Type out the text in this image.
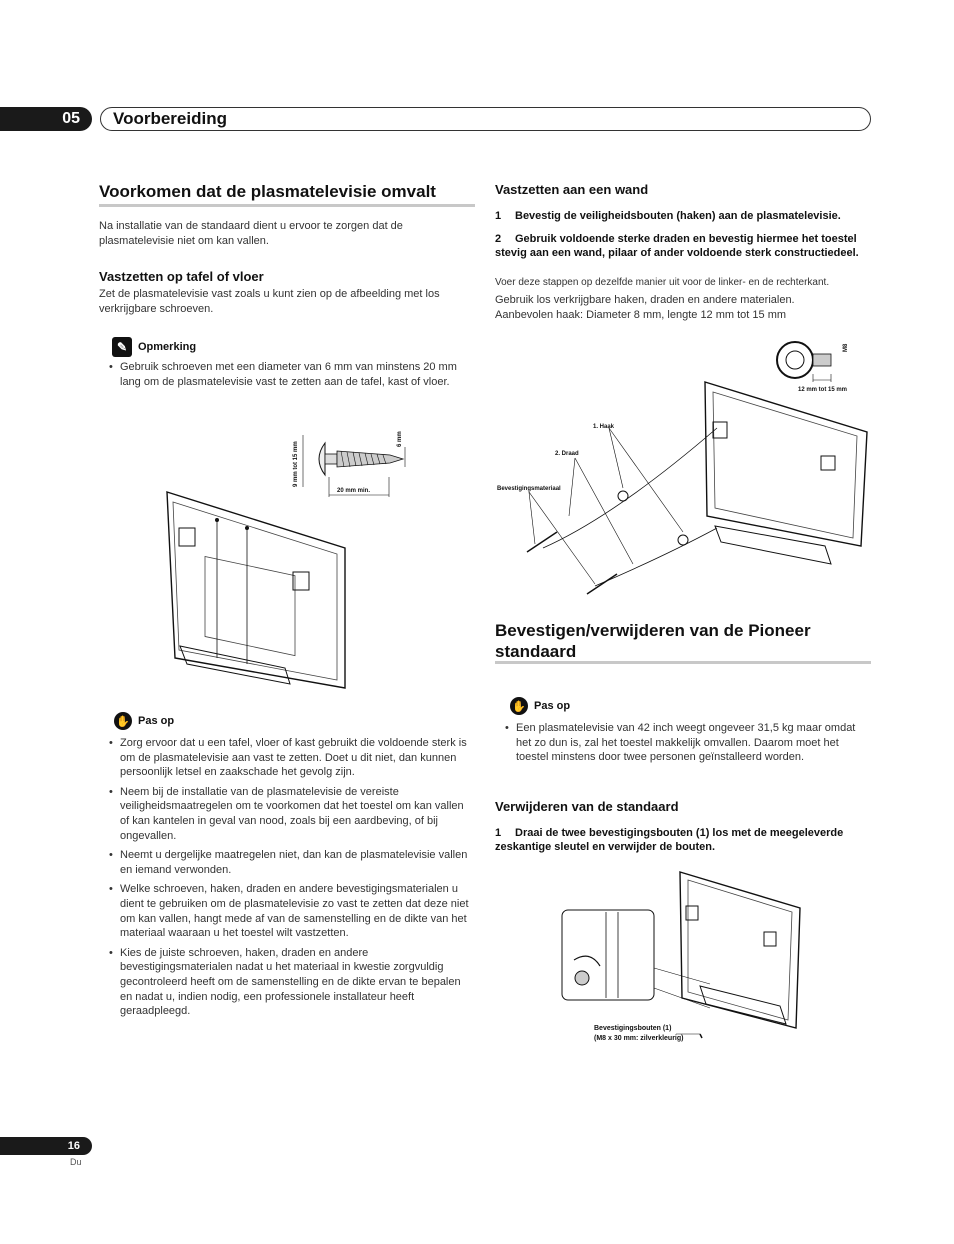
05	Voorbereiding
Voorkomen dat de plasmatelevisie omvalt

Na installatie van de standaard dient u ervoor te zorgen dat de plasmatelevisie niet om kan vallen.

Vastzetten op tafel of vloer

Zet de plasmatelevisie vast zoals u kunt zien op de afbeelding met los verkrijgbare schroeven.

✎ Opmerking
• Gebruik schroeven met een diameter van 6 mm van minstens 20 mm lang om de plasmatelevisie vast te zetten aan de tafel, kast of vloer.
9 mm tot 15 mm
6 mm
20 mm min.
✋ Pas op
• Zorg ervoor dat u een tafel, vloer of kast gebruikt die voldoende sterk is om de plasmatelevisie aan vast te zetten. Doet u dit niet, dan kunnen persoonlijk letsel en zaakschade het gevolg zijn.
• Neem bij de installatie van de plasmatelevisie de vereiste veiligheidsmaatregelen om te voorkomen dat het toestel om kan vallen of kan kantelen in geval van nood, zoals bij een aardbeving, of bij ongevallen.
• Neemt u dergelijke maatregelen niet, dan kan de plasmatelevisie vallen en iemand verwonden.
• Welke schroeven, haken, draden en andere bevestigingsmaterialen u dient te gebruiken om de plasmatelevisie zo vast te zetten dat deze niet om kan vallen, hangt mede af van de samenstelling en de dikte van het materiaal waaraan u het toestel wilt vastzetten.
• Kies de juiste schroeven, haken, draden en andere bevestigingsmaterialen nadat u het materiaal in kwestie zorgvuldig gecontroleerd heeft om de samenstelling en de dikte ervan te bepalen en nadat u, indien nodig, een professionele installateur heeft geraadpleegd.
Vastzetten aan een wand

1 Bevestig de veiligheidsbouten (haken) aan de plasmatelevisie.

2 Gebruik voldoende sterke draden en bevestig hiermee het toestel stevig aan een wand, pilaar of ander voldoende sterk constructiedeel.

Voer deze stappen op dezelfde manier uit voor de linker- en de rechterkant.

Gebruik los verkrijgbare haken, draden en andere materialen. Aanbevolen haak: Diameter 8 mm, lengte 12 mm tot 15 mm

M8
12 mm tot 15 mm
1. Haak
2. Draad
Bevestigingsmateriaal
Bevestigen/verwijderen van de Pioneer standaard
✋ Pas op
• Een plasmatelevisie van 42 inch weegt ongeveer 31,5 kg maar omdat het zo dun is, zal het toestel makkelijk omvallen. Daarom moet het toestel minstens door twee personen geïnstalleerd worden.
Verwijderen van de standaard

1 Draai de twee bevestigingsbouten (1) los met de meegeleverde zeskantige sleutel en verwijder de bouten.

Bevestigingsbouten (1)
(M8 x 30 mm: zilverkleurig)
16
Du
